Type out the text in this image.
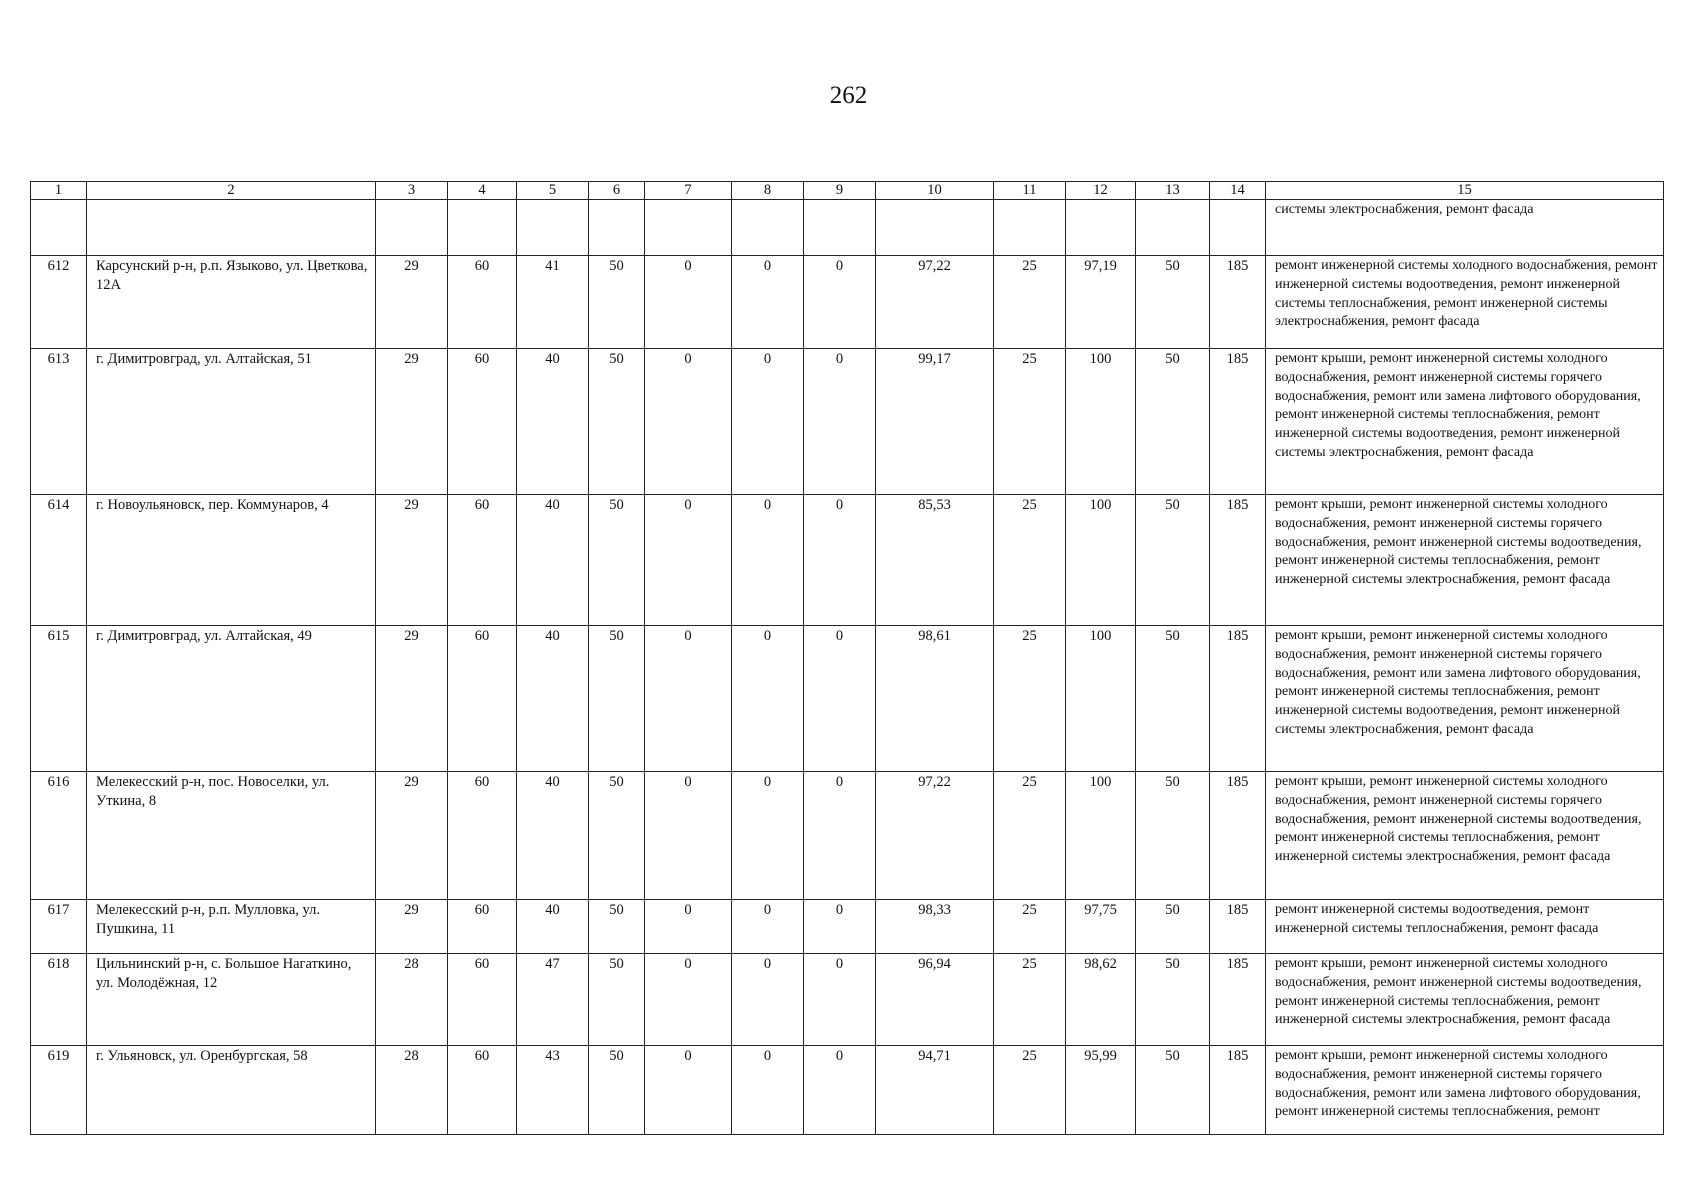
262
1	2	3	4	5	6	7	8	9	10	11	12	13	14	15
														системы электроснабжения, ремонт фасада
612	Карсунский р-н, р.п. Языково, ул. Цветкова, 12А	29	60	41	50	0	0	0	97,22	25	97,19	50	185	ремонт инженерной системы холодного водоснабжения, ремонт инженерной системы водоотведения, ремонт инженерной системы теплоснабжения, ремонт инженерной системы электроснабжения, ремонт фасада
613	г. Димитровград, ул. Алтайская, 51	29	60	40	50	0	0	0	99,17	25	100	50	185	ремонт крыши, ремонт инженерной системы холодного водоснабжения, ремонт инженерной системы горячего водоснабжения, ремонт или замена лифтового оборудования, ремонт инженерной системы теплоснабжения, ремонт инженерной системы водоотведения, ремонт инженерной системы электроснабжения, ремонт фасада
614	г. Новоульяновск, пер. Коммунаров, 4	29	60	40	50	0	0	0	85,53	25	100	50	185	ремонт крыши, ремонт инженерной системы холодного водоснабжения, ремонт инженерной системы горячего водоснабжения, ремонт инженерной системы водоотведения, ремонт инженерной системы теплоснабжения, ремонт инженерной системы электроснабжения, ремонт фасада
615	г. Димитровград, ул. Алтайская, 49	29	60	40	50	0	0	0	98,61	25	100	50	185	ремонт крыши, ремонт инженерной системы холодного водоснабжения, ремонт инженерной системы горячего водоснабжения, ремонт или замена лифтового оборудования, ремонт инженерной системы теплоснабжения, ремонт инженерной системы водоотведения, ремонт инженерной системы электроснабжения, ремонт фасада
616	Мелекесский р-н, пос. Новоселки, ул. Уткина, 8	29	60	40	50	0	0	0	97,22	25	100	50	185	ремонт крыши, ремонт инженерной системы холодного водоснабжения, ремонт инженерной системы горячего водоснабжения, ремонт инженерной системы водоотведения, ремонт инженерной системы теплоснабжения, ремонт инженерной системы электроснабжения, ремонт фасада
617	Мелекесский р-н, р.п. Мулловка, ул. Пушкина, 11	29	60	40	50	0	0	0	98,33	25	97,75	50	185	ремонт инженерной системы водоотведения, ремонт инженерной системы теплоснабжения, ремонт фасада
618	Цильнинский р-н, с. Большое Нагаткино, ул. Молодёжная, 12	28	60	47	50	0	0	0	96,94	25	98,62	50	185	ремонт крыши, ремонт инженерной системы холодного водоснабжения, ремонт инженерной системы водоотведения, ремонт инженерной системы теплоснабжения, ремонт инженерной системы электроснабжения, ремонт фасада
619	г. Ульяновск, ул. Оренбургская, 58	28	60	43	50	0	0	0	94,71	25	95,99	50	185	ремонт крыши, ремонт инженерной системы холодного водоснабжения, ремонт инженерной системы горячего водоснабжения, ремонт или замена лифтового оборудования, ремонт инженерной системы теплоснабжения, ремонт
